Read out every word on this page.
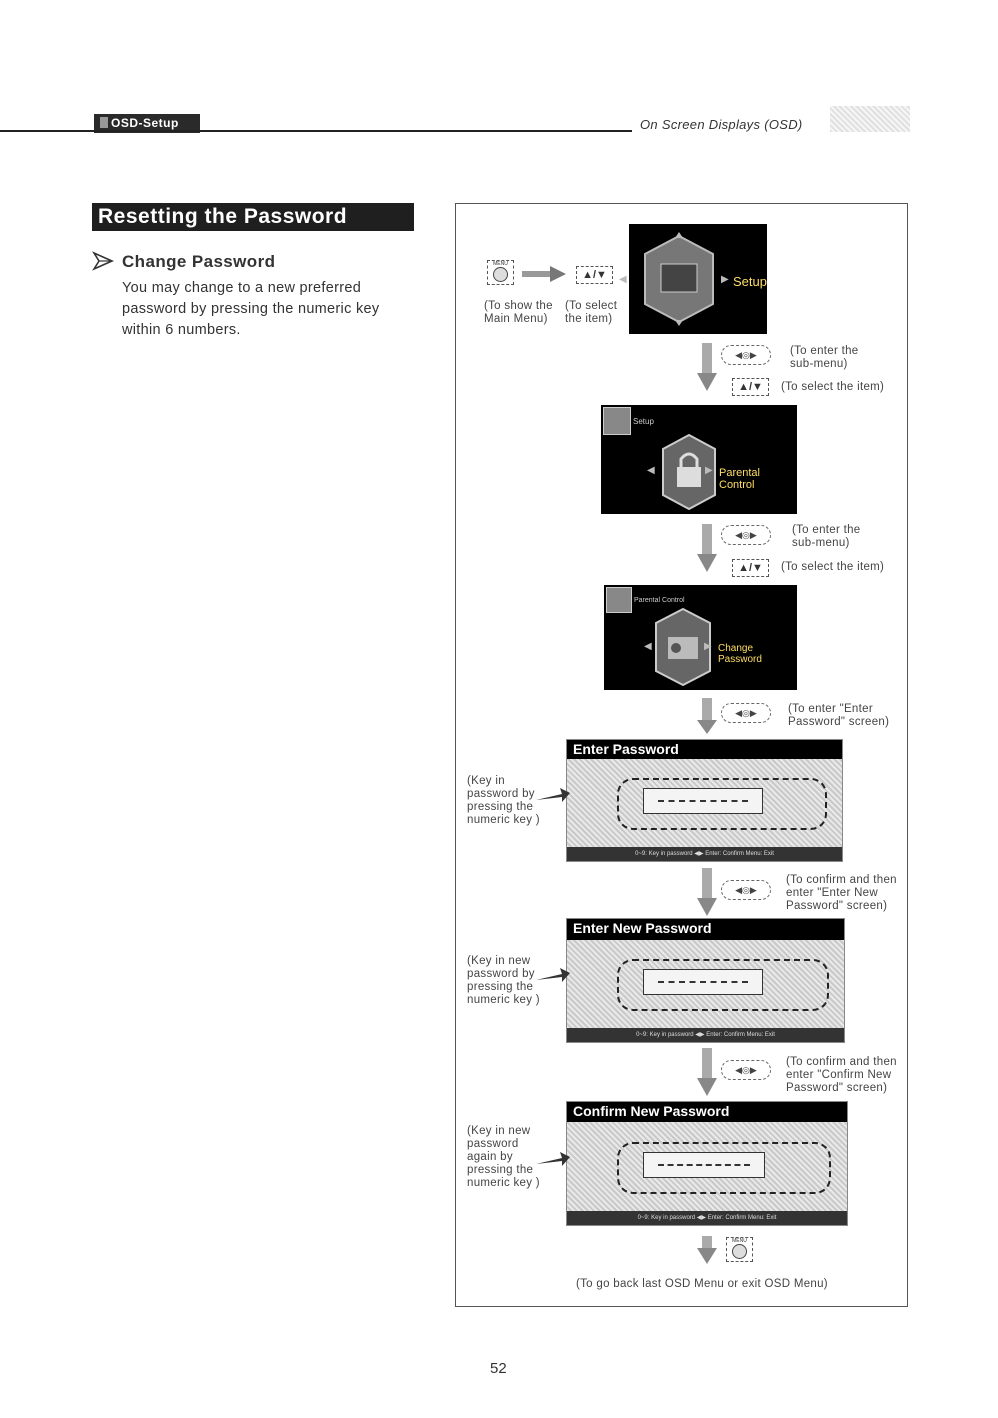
OSD-Setup	On Screen Displays (OSD)
Resetting the Password
Change Password
You may change to a new preferred password by pressing the numeric key within 6 numbers.
MENU
▲/▼
(To show the Main Menu)
(To select the item)
◀	▶ Setup
◀◎▶	(To enter the sub-menu)
▲/▼	(To select the item)
Setup
◀	▶ Parental Control
◀◎▶	(To enter the sub-menu)
▲/▼	(To select the item)
Parental Control
◀	▶ Change Password
◀◎▶	(To enter "Enter Password" screen)
Enter Password
0~9: Key in password ◀▶ Enter: Confirm Menu: Exit
(Key in password by pressing the numeric key )
◀◎▶
(To confirm and then enter "Enter New Password" screen)
Enter New Password
0~9: Key in password ◀▶ Enter: Confirm Menu: Exit
(Key in new password by pressing the numeric key )
◀◎▶
(To confirm and then enter "Confirm New Password" screen)
Confirm New Password
0~9: Key in password ◀▶ Enter: Confirm Menu: Exit
(Key in new password again by pressing the numeric key )
MENU
(To go back last OSD Menu or exit OSD Menu)
52
